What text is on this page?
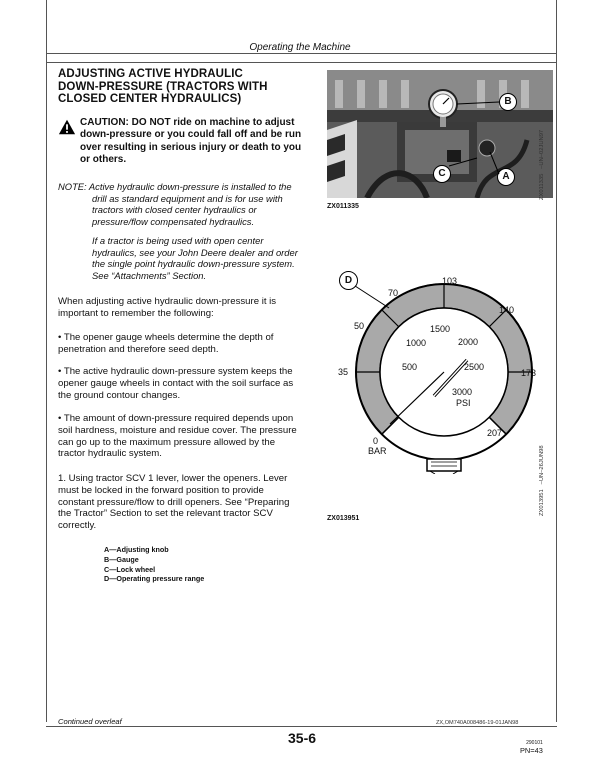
Operating the Machine
ADJUSTING ACTIVE HYDRAULIC
DOWN-PRESSURE (TRACTORS WITH
CLOSED CENTER HYDRAULICS)
CAUTION: DO NOT ride on machine to adjust
down-pressure or you could fall off and be run
over resulting in serious injury or death to you
or others.
NOTE: Active hydraulic down-pressure is installed to the
drill as standard equipment and is for use with
tractors with closed center hydraulics or
pressure/flow compensated hydraulics.
If a tractor is being used with open center
hydraulics, see your John Deere dealer and order
the single point hydraulic down-pressure system.
See “Attachments” Section.
When adjusting active hydraulic down-pressure it is
important to remember the following:
• The opener gauge wheels determine the depth of
penetration and therefore seed depth.
• The active hydraulic down-pressure system keeps the
opener gauge wheels in contact with the soil surface as
the ground contour changes.
• The amount of down-pressure required depends upon
soil hardness, moisture and residue cover. The pressure
can go up to the maximum pressure allowed by the
tractor hydraulic system.
1. Using tractor SCV 1 lever, lower the openers. Lever
must be locked in the forward position to provide
constant pressure/flow to drill openers. See “Preparing
the Tractor” Section to set the relevant tractor SCV
correctly.
A—Adjusting knob
B—Gauge
C—Lock wheel
D—Operating pressure range
B
C	A
ZX011335
ZX011335   –UN–02JUN97
D
0
35
50
70
103
140
173
207
BAR
500
1000
1500
2000
2500
3000
PSI
ZX013951
ZX013951   –UN–26JUN98
Continued overleaf	ZX,OM740A008486-19-01JAN98
35-6	290101
PN=43
